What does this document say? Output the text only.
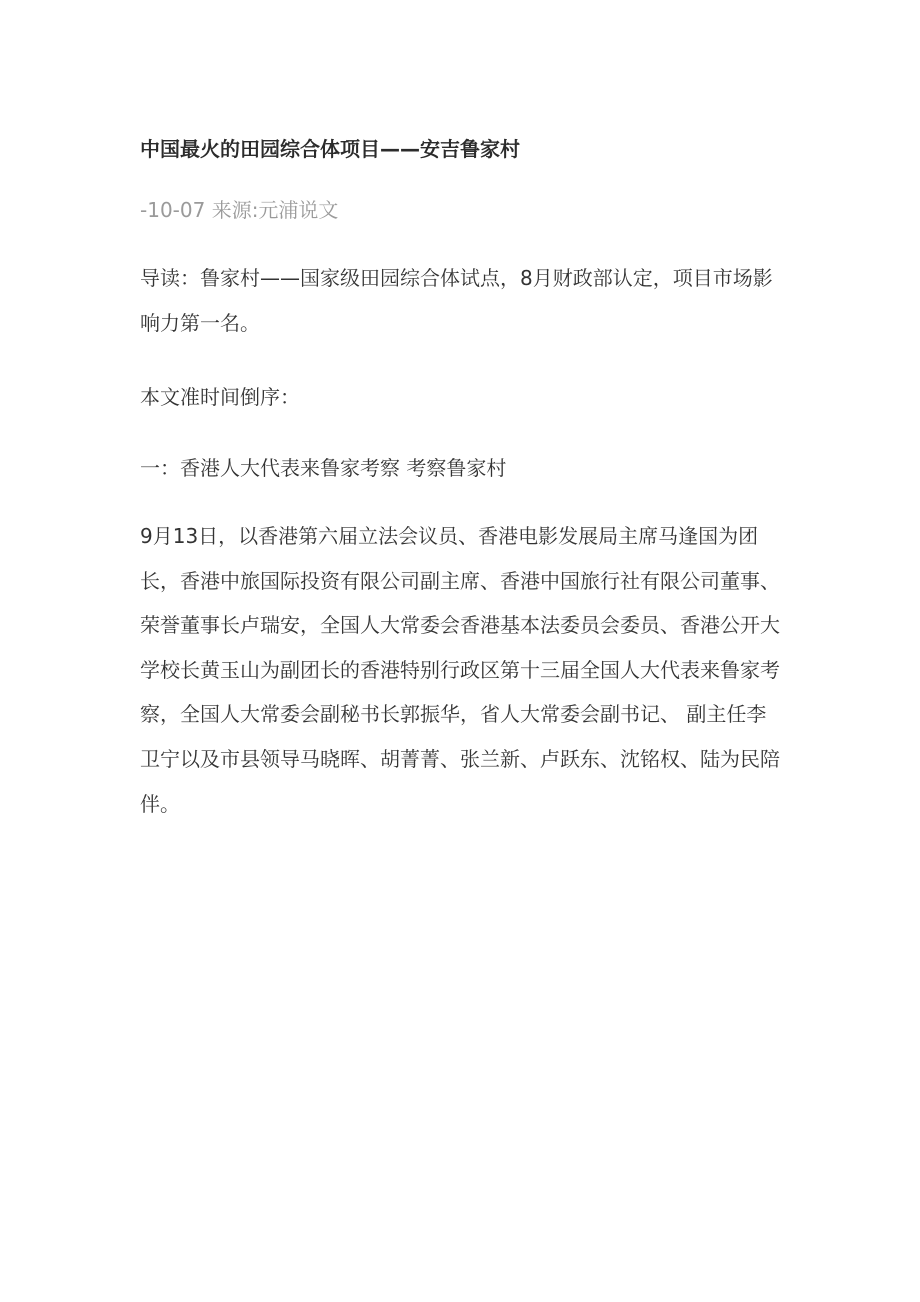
中国最火的田园综合体项目——安吉鲁家村
-10-07 来源:元浦说文
导读：鲁家村——国家级田园综合体试点，8月财政部认定，项目市场影响力第一名。
本文准时间倒序：
一：香港人大代表来鲁家考察 考察鲁家村
9月13日，以香港第六届立法会议员、香港电影发展局主席马逢国为团长，香港中旅国际投资有限公司副主席、香港中国旅行社有限公司董事、荣誉董事长卢瑞安，全国人大常委会香港基本法委员会委员、香港公开大学校长黄玉山为副团长的香港特别行政区第十三届全国人大代表来鲁家考察，全国人大常委会副秘书长郭振华，省人大常委会副书记、 副主任李卫宁以及市县领导马晓晖、胡菁菁、张兰新、卢跃东、沈铭权、陆为民陪伴。
